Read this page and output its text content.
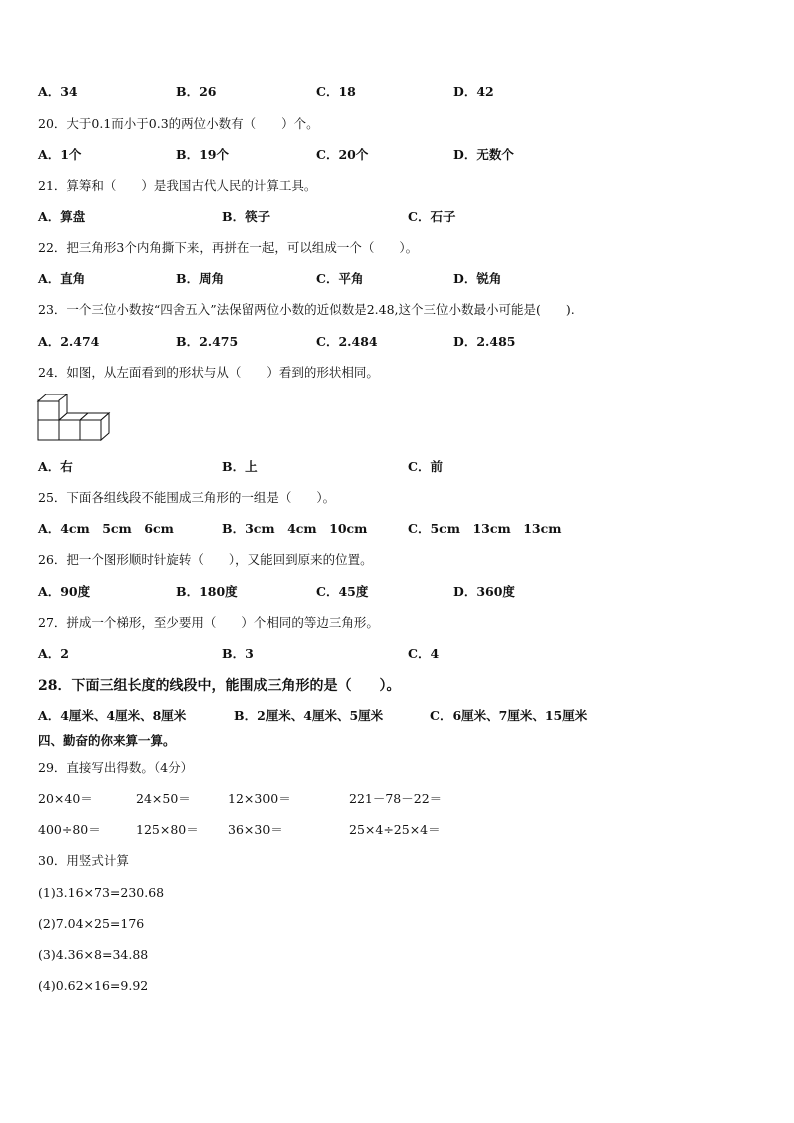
A．34	B．26	C．18	D．42
20．大于0.1而小于0.3的两位小数有（　　）个。
A．1个	B．19个	C．20个	D．无数个
21．算筹和（　　）是我国古代人民的计算工具。
A．算盘	B．筷子	C．石子
22．把三角形3个内角撕下来，再拼在一起，可以组成一个（　　）。
A．直角	B．周角	C．平角	D．锐角
23．一个三位小数按“四舍五入”法保留两位小数的近似数是2.48,这个三位小数最小可能是(　　).
A．2.474	B．2.475	C．2.484	D．2.485
24．如图，从左面看到的形状与从（　　）看到的形状相同。
A．右	B．上	C．前
25．下面各组线段不能围成三角形的一组是（　　）。
A．4cm　5cm　6cm	B．3cm　4cm　10cm	C．5cm　13cm　13cm
26．把一个图形顺时针旋转（　　），又能回到原来的位置。
A．90度	B．180度	C．45度	D．360度
27．拼成一个梯形，至少要用（　　）个相同的等边三角形。
A．2	B．3	C．4
28．下面三组长度的线段中，能围成三角形的是（　　）。
A．4厘米、4厘米、8厘米	B．2厘米、4厘米、5厘米	C．6厘米、7厘米、15厘米
四、勤奋的你来算一算。
29．直接写出得数。（4分）
20×40＝	24×50＝	12×300＝	221－78－22＝
400÷80＝	125×80＝ 36×30＝	25×4÷25×4＝
30．用竖式计算
(1)3.16×73=230.68
(2)7.04×25=176
(3)4.36×8=34.88
(4)0.62×16=9.92
